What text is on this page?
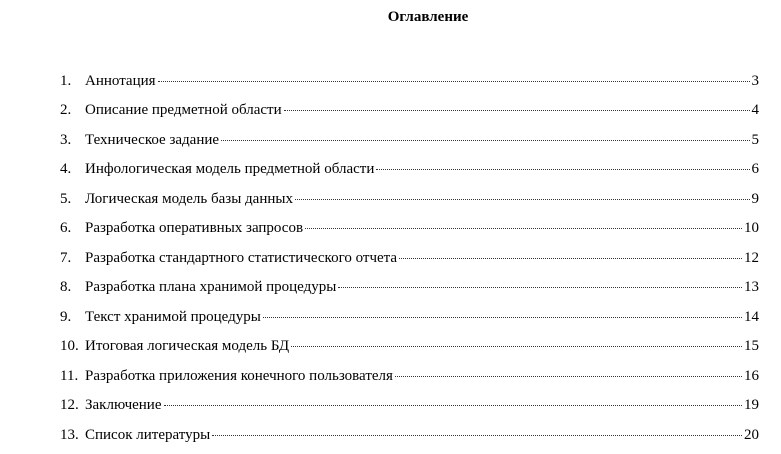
Оглавление
1. Аннотация	3
2. Описание предметной области	4
3. Техническое задание	5
4. Инфологическая модель предметной области	6
5. Логическая модель базы данных	9
6. Разработка оперативных запросов	10
7. Разработка стандартного статистического отчета	12
8. Разработка плана хранимой процедуры	13
9. Текст хранимой процедуры	14
10. Итоговая логическая модель БД	15
11. Разработка приложения конечного пользователя	16
12. Заключение	19
13. Список литературы	20
